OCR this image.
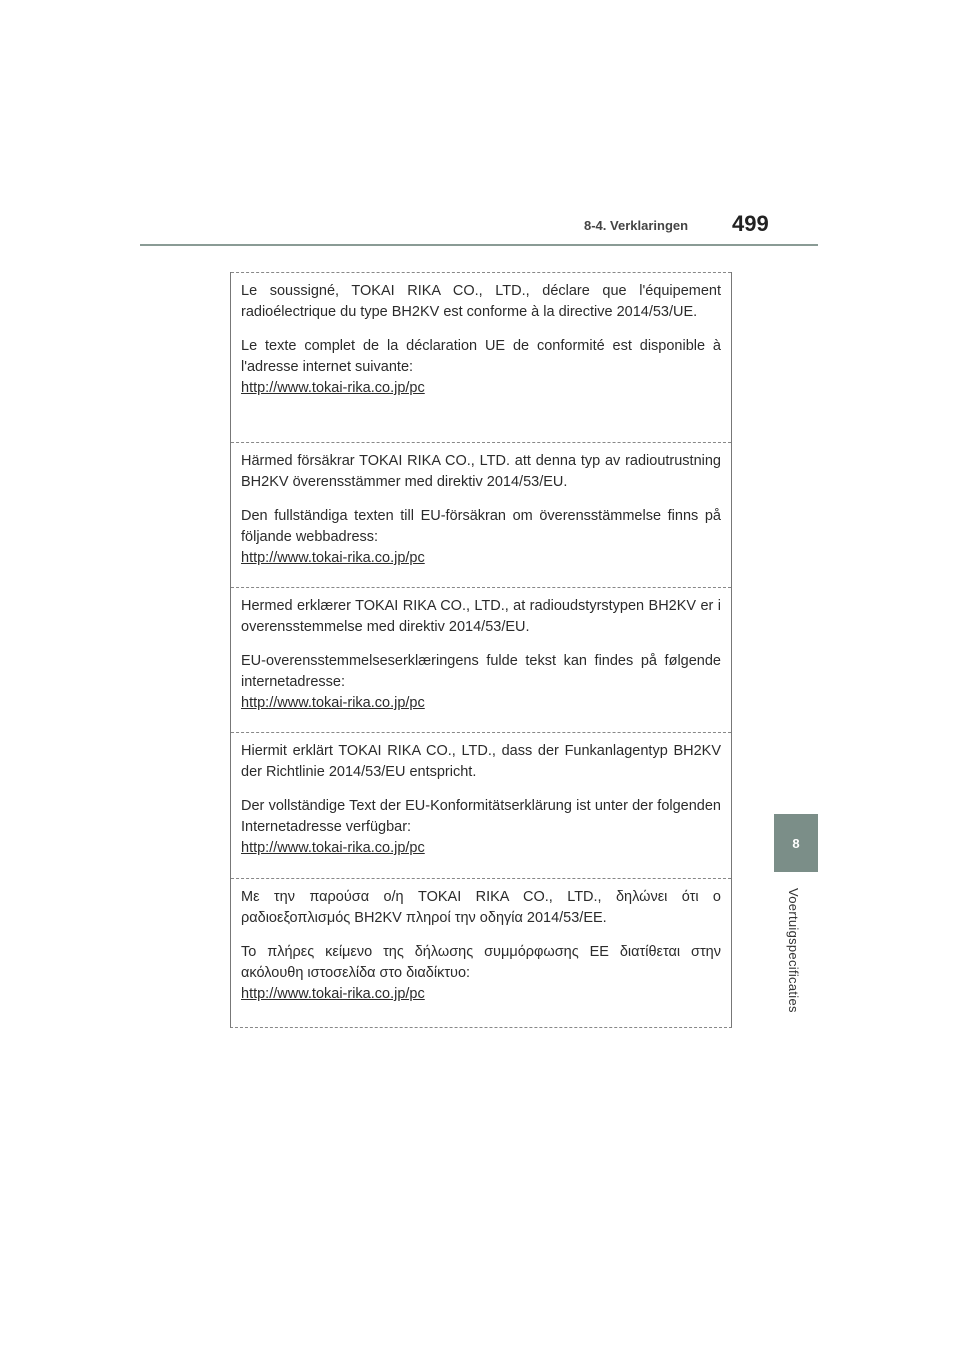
8-4. Verklaringen 499
8
Voertuigspecificaties

Le soussigné, TOKAI RIKA CO., LTD., déclare que l'équipement radioélectrique du type BH2KV est conforme à la directive 2014/53/UE.

Le texte complet de la déclaration UE de conformité est disponible à l'adresse internet suivante:

http://www.tokai-rika.co.jp/pc

Härmed försäkrar TOKAI RIKA CO., LTD. att denna typ av radioutrustning BH2KV överensstämmer med direktiv 2014/53/EU.

Den fullständiga texten till EU-försäkran om överensstämmelse finns på följande webbadress:

http://www.tokai-rika.co.jp/pc

Hermed erklærer TOKAI RIKA CO., LTD., at radioudstyrstypen BH2KV er i overensstemmelse med direktiv 2014/53/EU.

EU-overensstemmelseserklæringens fulde tekst kan findes på følgende internetadresse:

http://www.tokai-rika.co.jp/pc

Hiermit erklärt TOKAI RIKA CO., LTD., dass der Funkanlagentyp BH2KV der Richtlinie 2014/53/EU entspricht.

Der vollständige Text der EU-Konformitätserklärung ist unter der folgenden Internetadresse verfügbar:

http://www.tokai-rika.co.jp/pc

Με την παρούσα ο/η TOKAI RIKA CO., LTD., δηλώνει ότι ο ραδιοεξοπλισμός BH2KV πληροί την οδηγία 2014/53/ΕΕ.

Το πλήρες κείμενο της δήλωσης συμμόρφωσης ΕΕ διατίθεται στην ακόλουθη ιστοσελίδα στο διαδίκτυο:

http://www.tokai-rika.co.jp/pc
